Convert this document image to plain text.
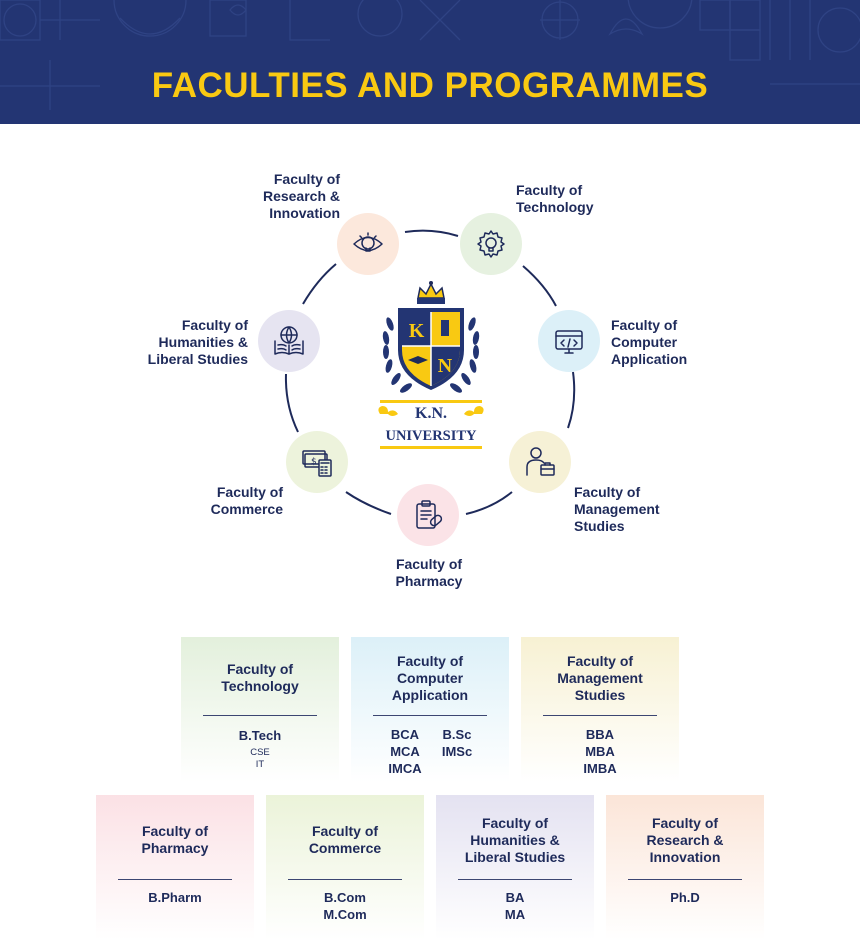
FACULTIES AND PROGRAMMES
$
Faculty of
Research &
Innovation
Faculty of
Technology
Faculty of
Computer
Application
Faculty of
Management
Studies
Faculty of
Pharmacy
Faculty of
Commerce
Faculty of
Humanities &
Liberal Studies
K
N
K.N.
UNIVERSITY
Faculty of
Technology
B.Tech
CSE
IT
Faculty of
Computer
Application
BCA
MCA
IMCA
B.Sc
IMSc
Faculty of
Management
Studies
BBA
MBA
IMBA
Faculty of
Pharmacy
B.Pharm
Faculty of
Commerce
B.Com
M.Com
Faculty of
Humanities &
Liberal Studies
BA
MA
Faculty of
Research &
Innovation
Ph.D
